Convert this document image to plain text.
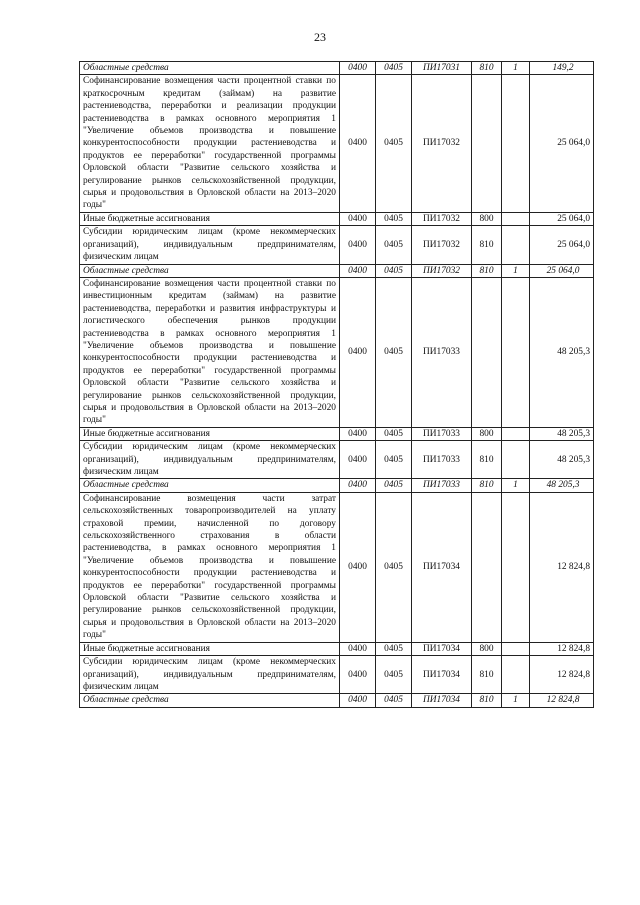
23
Областные средства	0400	0405	ПИ17031	810	1	149,2
Софинансирование возмещения части процентной ставки по краткосрочным кредитам (займам) на развитие растениеводства, переработки и реализации продукции растениеводства в рамках основного мероприятия 1 "Увеличение объемов производства и повышение конкурентоспособности продукции растениеводства и продуктов ее переработки" государственной программы Орловской области "Развитие сельского хозяйства и регулирование рынков сельскохозяйственной продукции, сырья и продовольствия в Орловской области на 2013–2020 годы"	0400	0405	ПИ17032			25 064,0
Иные бюджетные ассигнования	0400	0405	ПИ17032	800		25 064,0
Субсидии юридическим лицам (кроме некоммерческих организаций), индивидуальным предпринимателям, физическим лицам	0400	0405	ПИ17032	810		25 064,0
Областные средства	0400	0405	ПИ17032	810	1	25 064,0
Софинансирование возмещения части процентной ставки по инвестиционным кредитам (займам) на развитие растениеводства, переработки и развития инфраструктуры и логистического обеспечения рынков продукции растениеводства в рамках основного мероприятия 1 "Увеличение объемов производства и повышение конкурентоспособности продукции растениеводства и продуктов ее переработки" государственной программы Орловской области "Развитие сельского хозяйства и регулирование рынков сельскохозяйственной продукции, сырья и продовольствия в Орловской области на 2013–2020 годы"	0400	0405	ПИ17033			48 205,3
Иные бюджетные ассигнования	0400	0405	ПИ17033	800		48 205,3
Субсидии юридическим лицам (кроме некоммерческих организаций), индивидуальным предпринимателям, физическим лицам	0400	0405	ПИ17033	810		48 205,3
Областные средства	0400	0405	ПИ17033	810	1	48 205,3
Софинансирование возмещения части затрат сельскохозяйственных товаропроизводителей на уплату страховой премии, начисленной по договору сельскохозяйственного страхования в области растениеводства, в рамках основного мероприятия 1 "Увеличение объемов производства и повышение конкурентоспособности продукции растениеводства и продуктов ее переработки" государственной программы Орловской области "Развитие сельского хозяйства и регулирование рынков сельскохозяйственной продукции, сырья и продовольствия в Орловской области на 2013–2020 годы"	0400	0405	ПИ17034			12 824,8
Иные бюджетные ассигнования	0400	0405	ПИ17034	800		12 824,8
Субсидии юридическим лицам (кроме некоммерческих организаций), индивидуальным предпринимателям, физическим лицам	0400	0405	ПИ17034	810		12 824,8
Областные средства	0400	0405	ПИ17034	810	1	12 824,8
